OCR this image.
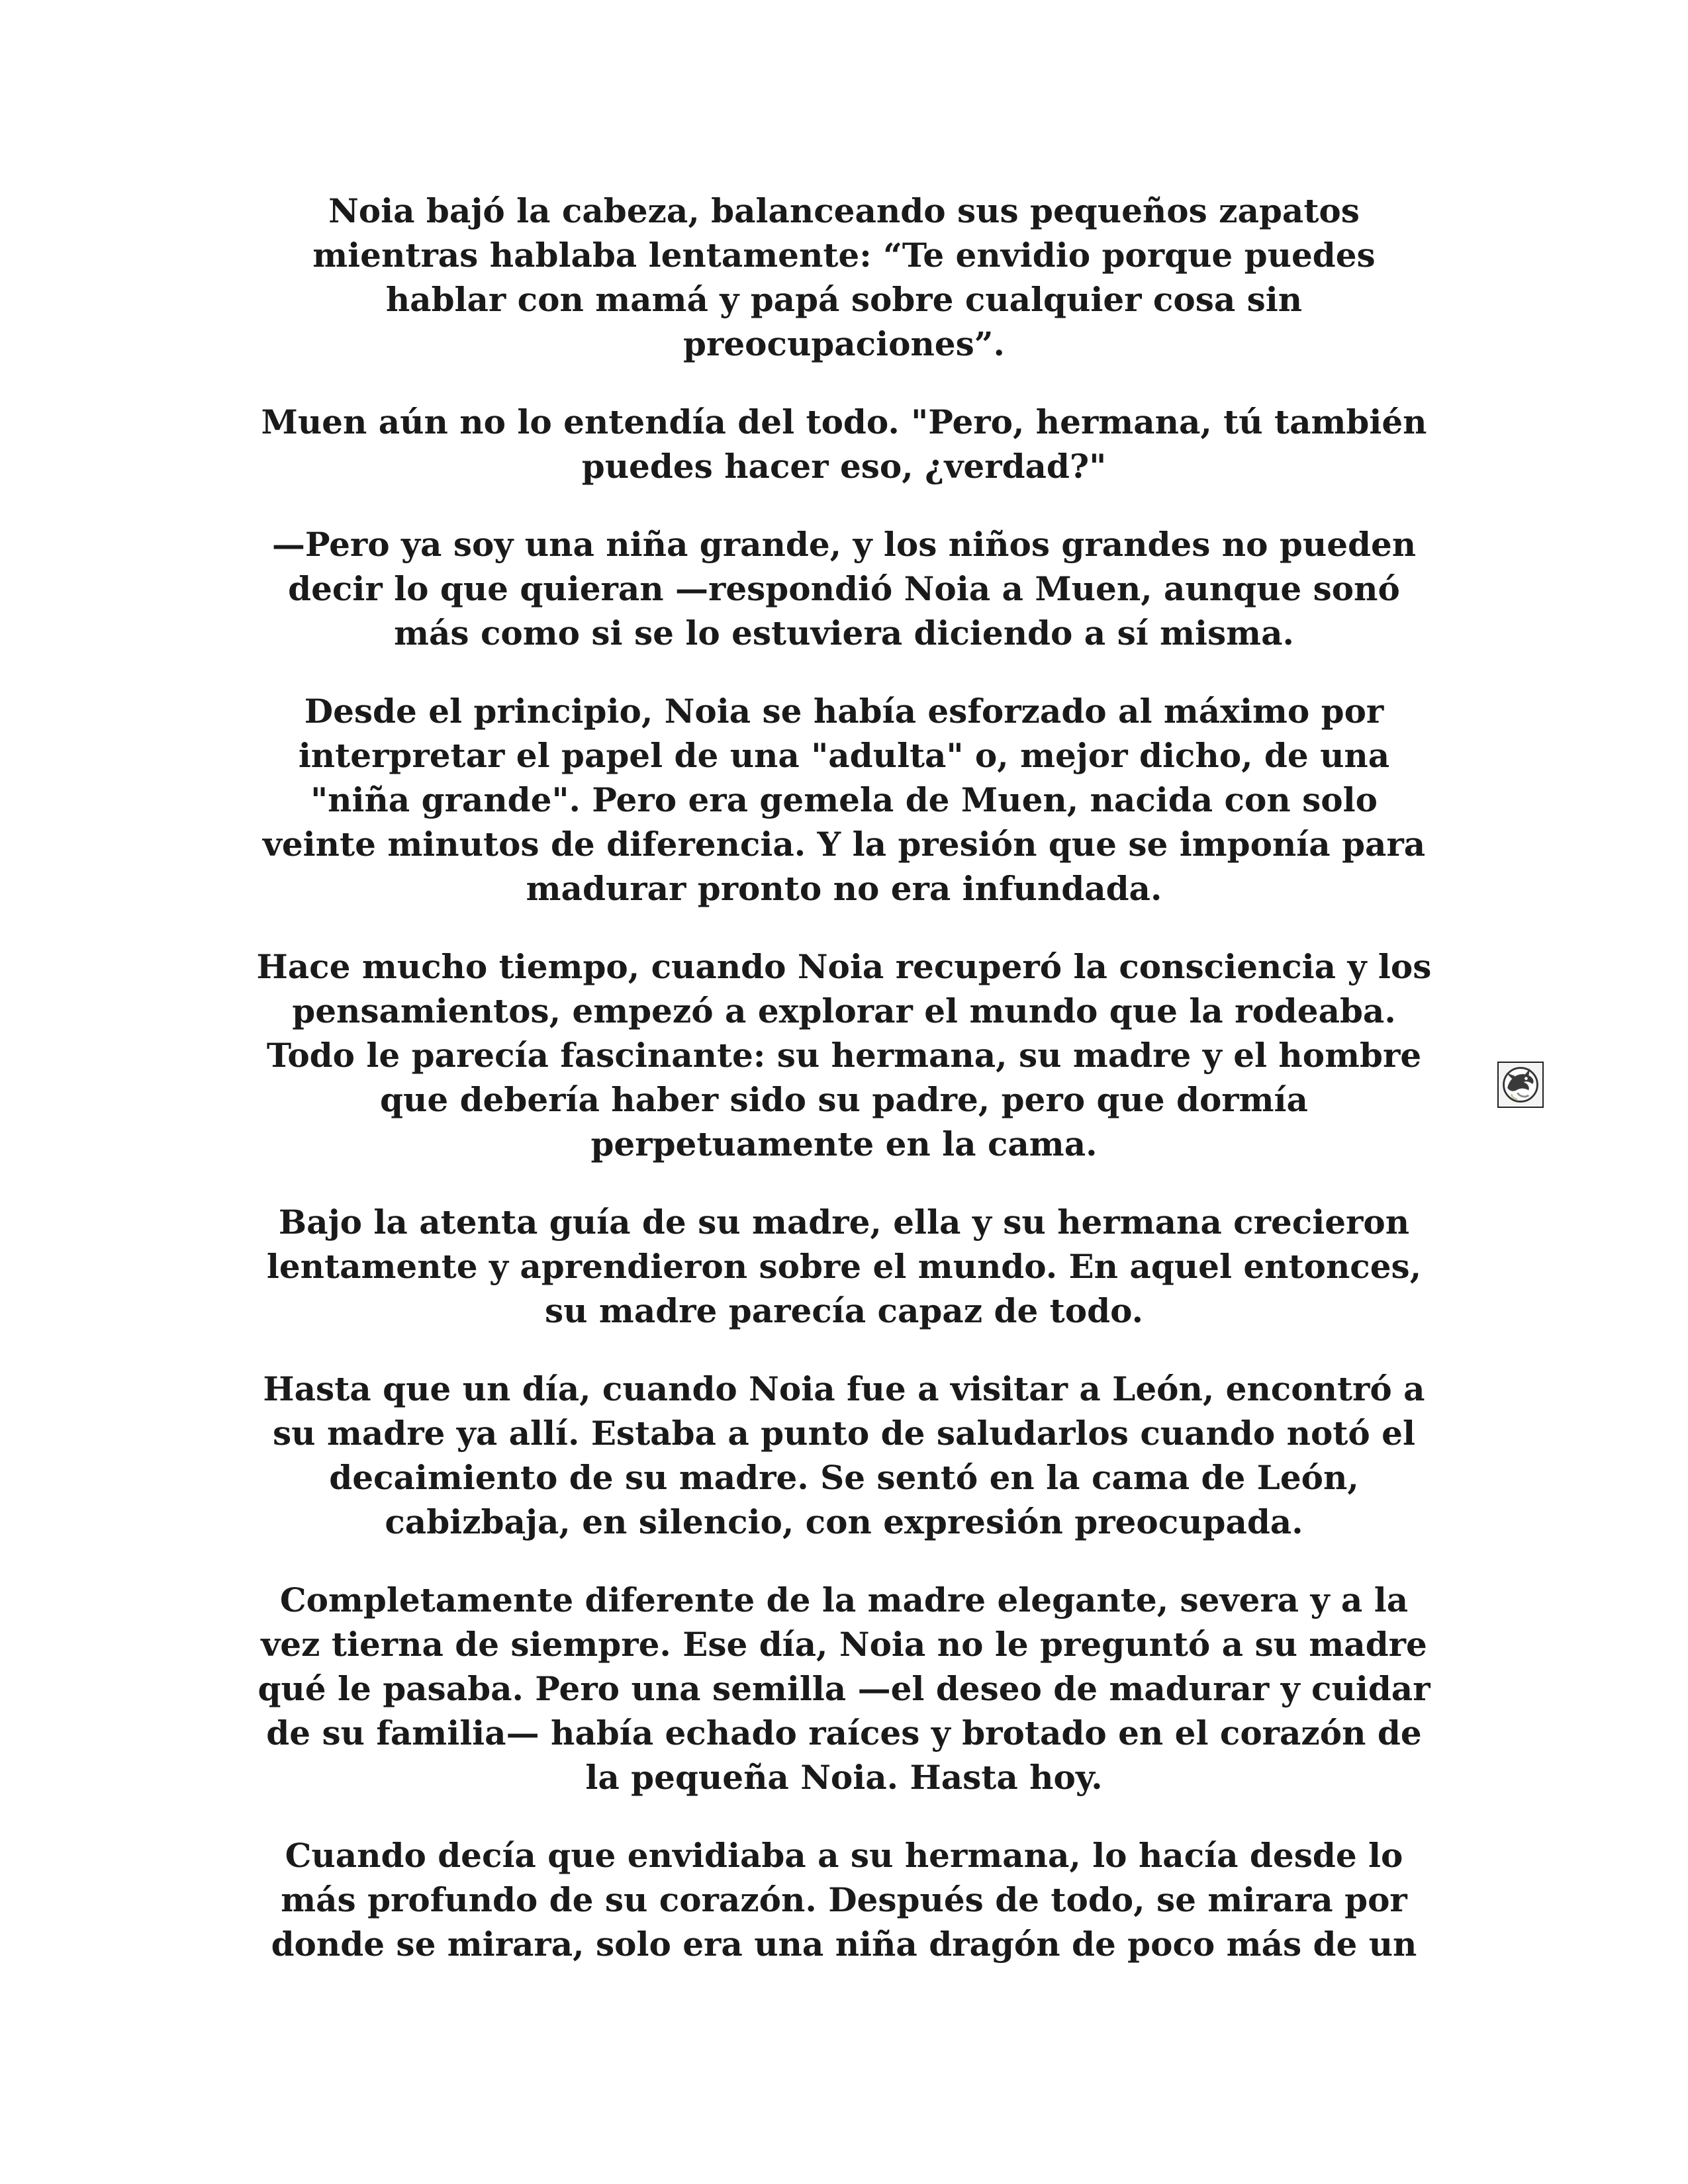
Noia bajó la cabeza, balanceando sus pequeños zapatos
mientras hablaba lentamente: “Te envidio porque puedes
hablar con mamá y papá sobre cualquier cosa sin
preocupaciones”.

Muen aún no lo entendía del todo. "Pero, hermana, tú también
puedes hacer eso, ¿verdad?"

—Pero ya soy una niña grande, y los niños grandes no pueden
decir lo que quieran —respondió Noia a Muen, aunque sonó
más como si se lo estuviera diciendo a sí misma.

Desde el principio, Noia se había esforzado al máximo por
interpretar el papel de una "adulta" o, mejor dicho, de una
"niña grande". Pero era gemela de Muen, nacida con solo
veinte minutos de diferencia. Y la presión que se imponía para
madurar pronto no era infundada.

Hace mucho tiempo, cuando Noia recuperó la consciencia y los
pensamientos, empezó a explorar el mundo que la rodeaba.
Todo le parecía fascinante: su hermana, su madre y el hombre
que debería haber sido su padre, pero que dormía
perpetuamente en la cama.

Bajo la atenta guía de su madre, ella y su hermana crecieron
lentamente y aprendieron sobre el mundo. En aquel entonces,
su madre parecía capaz de todo.

Hasta que un día, cuando Noia fue a visitar a León, encontró a
su madre ya allí. Estaba a punto de saludarlos cuando notó el
decaimiento de su madre. Se sentó en la cama de León,
cabizbaja, en silencio, con expresión preocupada.

Completamente diferente de la madre elegante, severa y a la
vez tierna de siempre. Ese día, Noia no le preguntó a su madre
qué le pasaba. Pero una semilla —el deseo de madurar y cuidar
de su familia— había echado raíces y brotado en el corazón de
la pequeña Noia. Hasta hoy.

Cuando decía que envidiaba a su hermana, lo hacía desde lo
más profundo de su corazón. Después de todo, se mirara por
donde se mirara, solo era una niña dragón de poco más de un
